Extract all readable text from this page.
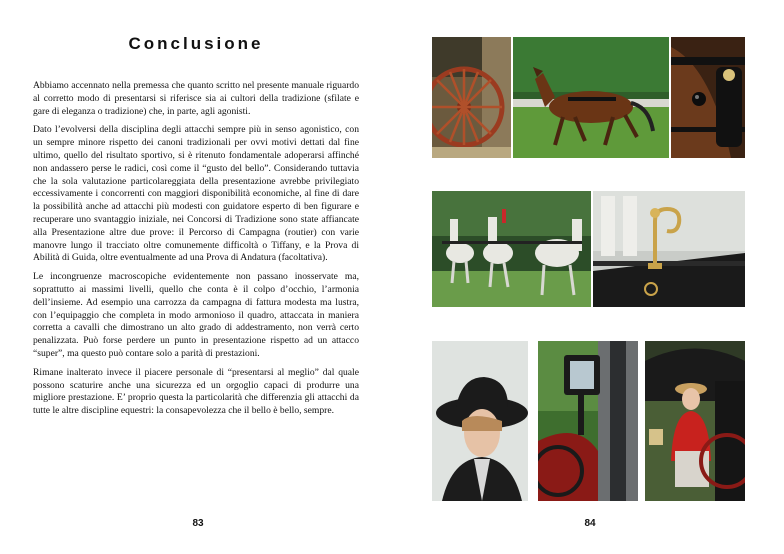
Conclusione

Abbiamo accennato nella premessa che quanto scritto nel presente manuale riguardo al corretto modo di presentarsi si riferisce sia ai cultori della tradizione (sfilate e gare di eleganza o tradizione) che, in parte, agli agonisti.

Dato l’evolversi della disciplina degli attacchi sempre più in senso agonistico, con un sempre minore rispetto dei canoni tradizionali per ovvi motivi dettati dal fine ultimo, quello del risultato sportivo, si è ritenuto fondamentale adoperarsi affinché non andassero perse le radici, così come il “gusto del bello”. Considerando tuttavia che la sola valutazione particolareggiata della presentazione avrebbe privilegiato eccessivamente i concorrenti con maggiori disponibilità economiche, al fine di dare la possibilità anche ad attacchi più modesti con guidatore esperto di ben figurare e recuperare uno svantaggio iniziale, nei Concorsi di Tradizione sono state affiancate alla Presentazione altre due prove: il Percorso di Campagna (routier) con varie manovre lungo il tracciato oltre comunemente difficoltà o Tiffany, e la Prova di Abilità di Guida, oltre eventualmente ad una Prova di Andatura (facoltativa).

Le incongruenze macroscopiche evidentemente non passano inosservate ma, soprattutto ai massimi livelli, quello che conta è il colpo d’occhio, l’armonia dell’insieme. Ad esempio una carrozza da campagna di fattura modesta ma lustra, con l’equipaggio che completa in modo armonioso il quadro, attaccata in maniera corretta a cavalli che dimostrano un alto grado di addestramento, non verrà certo penalizzata. Può forse perdere un punto in presentazione rispetto ad un attacco “super”, ma questo può contare solo a parità di prestazioni.

Rimane inalterato invece il piacere personale di “presentarsi al meglio” dal quale possono scaturire anche una sicurezza ed un orgoglio capaci di produrre una migliore prestazione. E’ proprio questa la particolarità che differenzia gli attacchi da tutte le altre discipline equestri: la consapevolezza che il bello è bello, sempre.

83	84
